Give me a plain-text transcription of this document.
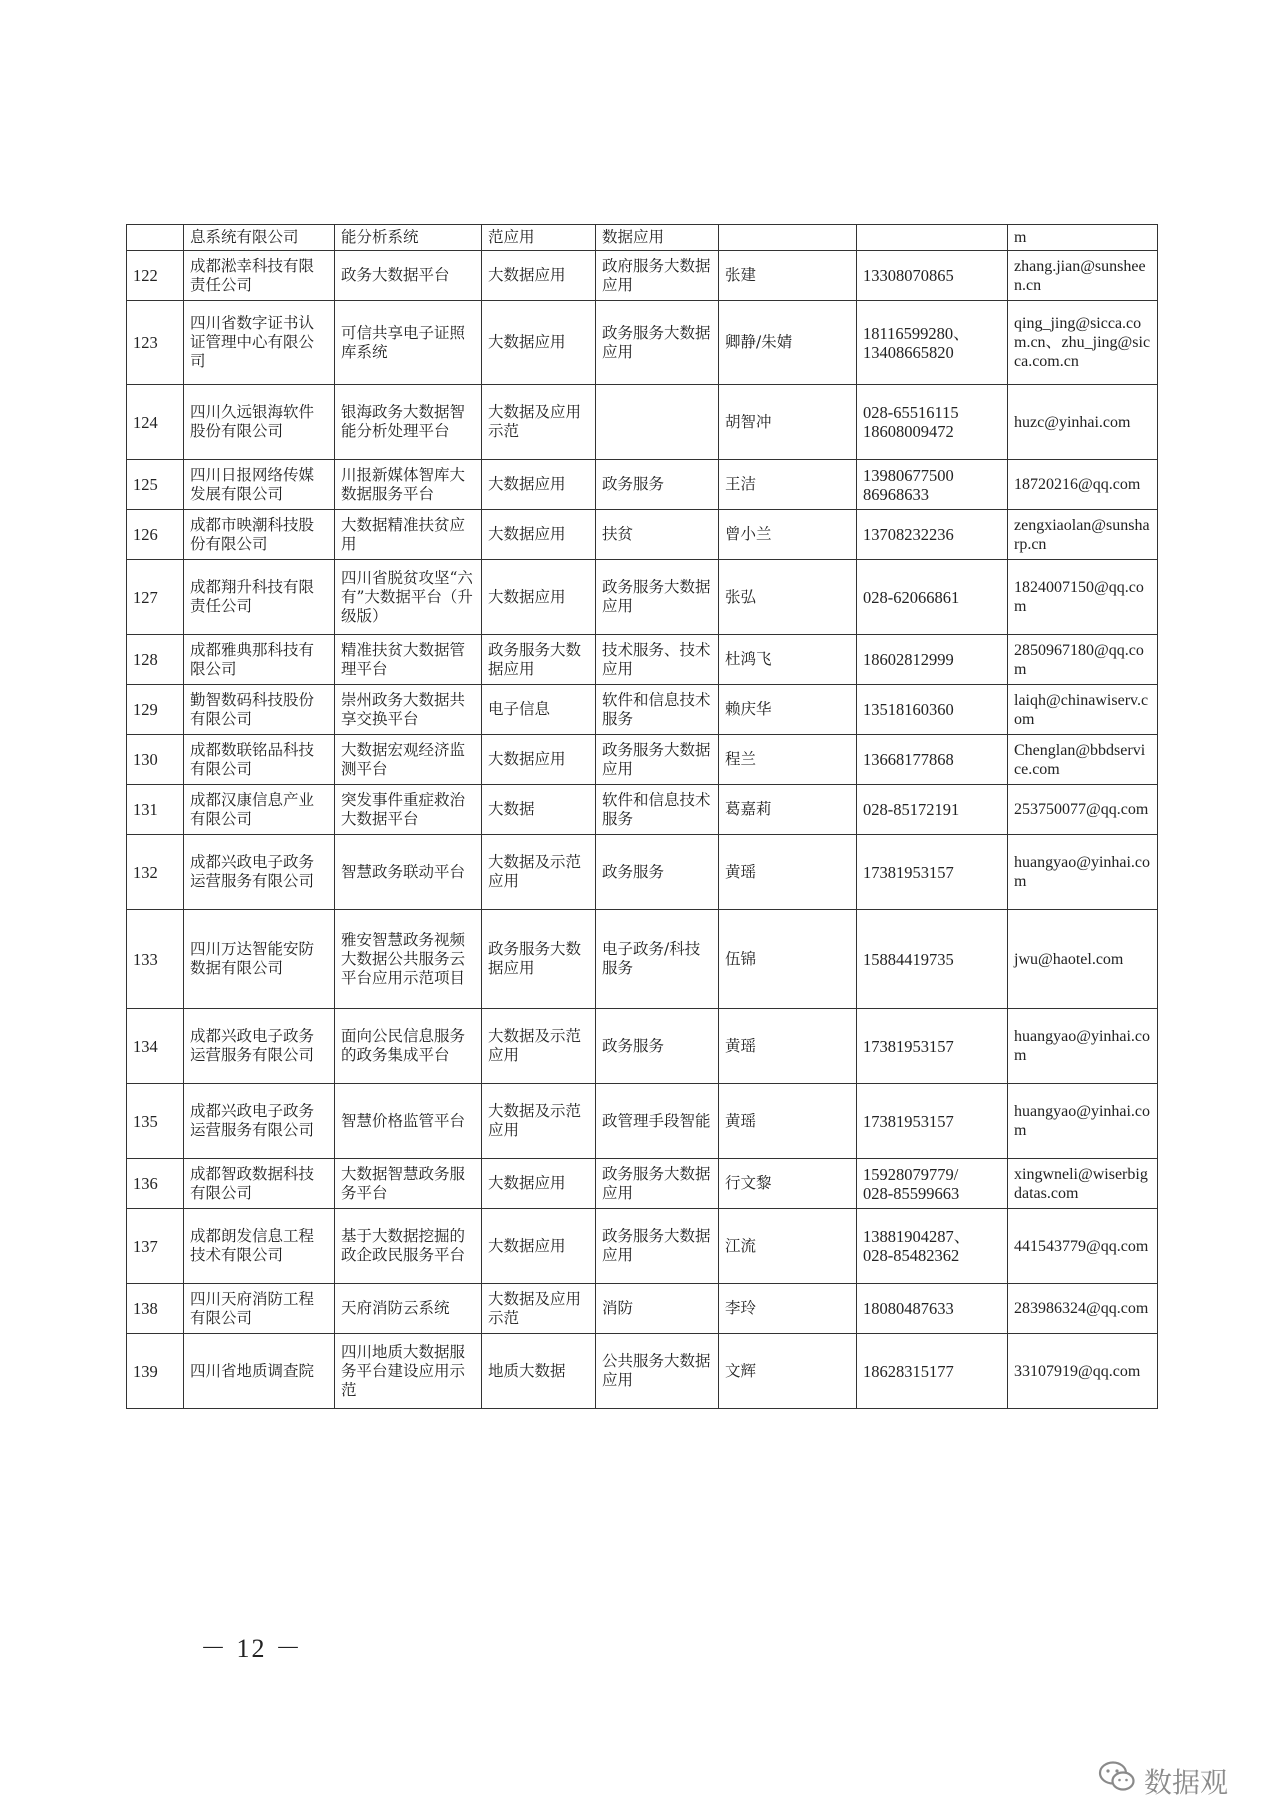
	息系统有限公司	能分析系统	范应用	数据应用			m
122	成都淞幸科技有限责任公司	政务大数据平台	大数据应用	政府服务大数据应用	张建	13308070865	zhang.jian@sunsheen.cn
123	四川省数字证书认证管理中心有限公司	可信共享电子证照库系统	大数据应用	政务服务大数据应用	卿静/朱婧	18116599280、
13408665820	qing_jing@sicca.com.cn、zhu_jing@sicca.com.cn
124	四川久远银海软件股份有限公司	银海政务大数据智能分析处理平台	大数据及应用示范		胡智冲	028-65516115
18608009472	huzc@yinhai.com
125	四川日报网络传媒发展有限公司	川报新媒体智库大数据服务平台	大数据应用	政务服务	王洁	13980677500
86968633	18720216@qq.com
126	成都市映潮科技股份有限公司	大数据精准扶贫应用	大数据应用	扶贫	曾小兰	13708232236	zengxiaolan@sunsharp.cn
127	成都翔升科技有限责任公司	四川省脱贫攻坚“六有”大数据平台（升级版）	大数据应用	政务服务大数据应用	张弘	028-62066861	1824007150@qq.com
128	成都雅典那科技有限公司	精准扶贫大数据管理平台	政务服务大数据应用	技术服务、技术应用	杜鸿飞	18602812999	2850967180@qq.com
129	勤智数码科技股份有限公司	崇州政务大数据共享交换平台	电子信息	软件和信息技术服务	赖庆华	13518160360	laiqh@chinawiserv.com
130	成都数联铭品科技有限公司	大数据宏观经济监测平台	大数据应用	政务服务大数据应用	程兰	13668177868	Chenglan@bbdservice.com
131	成都汉康信息产业有限公司	突发事件重症救治大数据平台	大数据	软件和信息技术服务	葛嘉莉	028-85172191	253750077@qq.com
132	成都兴政电子政务运营服务有限公司	智慧政务联动平台	大数据及示范应用	政务服务	黄瑶	17381953157	huangyao@yinhai.com
133	四川万达智能安防数据有限公司	雅安智慧政务视频大数据公共服务云平台应用示范项目	政务服务大数据应用	电子政务/科技服务	伍锦	15884419735	jwu@haotel.com
134	成都兴政电子政务运营服务有限公司	面向公民信息服务的政务集成平台	大数据及示范应用	政务服务	黄瑶	17381953157	huangyao@yinhai.com
135	成都兴政电子政务运营服务有限公司	智慧价格监管平台	大数据及示范应用	政管理手段智能	黄瑶	17381953157	huangyao@yinhai.com
136	成都智政数据科技有限公司	大数据智慧政务服务平台	大数据应用	政务服务大数据应用	行文黎	15928079779/
028-85599663	xingwneli@wiserbigdatas.com
137	成都朗发信息工程技术有限公司	基于大数据挖掘的政企政民服务平台	大数据应用	政务服务大数据应用	江流	13881904287、
028-85482362	441543779@qq.com
138	四川天府消防工程有限公司	天府消防云系统	大数据及应用示范	消防	李玲	18080487633	283986324@qq.com
139	四川省地质调查院	四川地质大数据服务平台建设应用示范	地质大数据	公共服务大数据应用	文辉	18628315177	33107919@qq.com
－ 12 －
数据观
